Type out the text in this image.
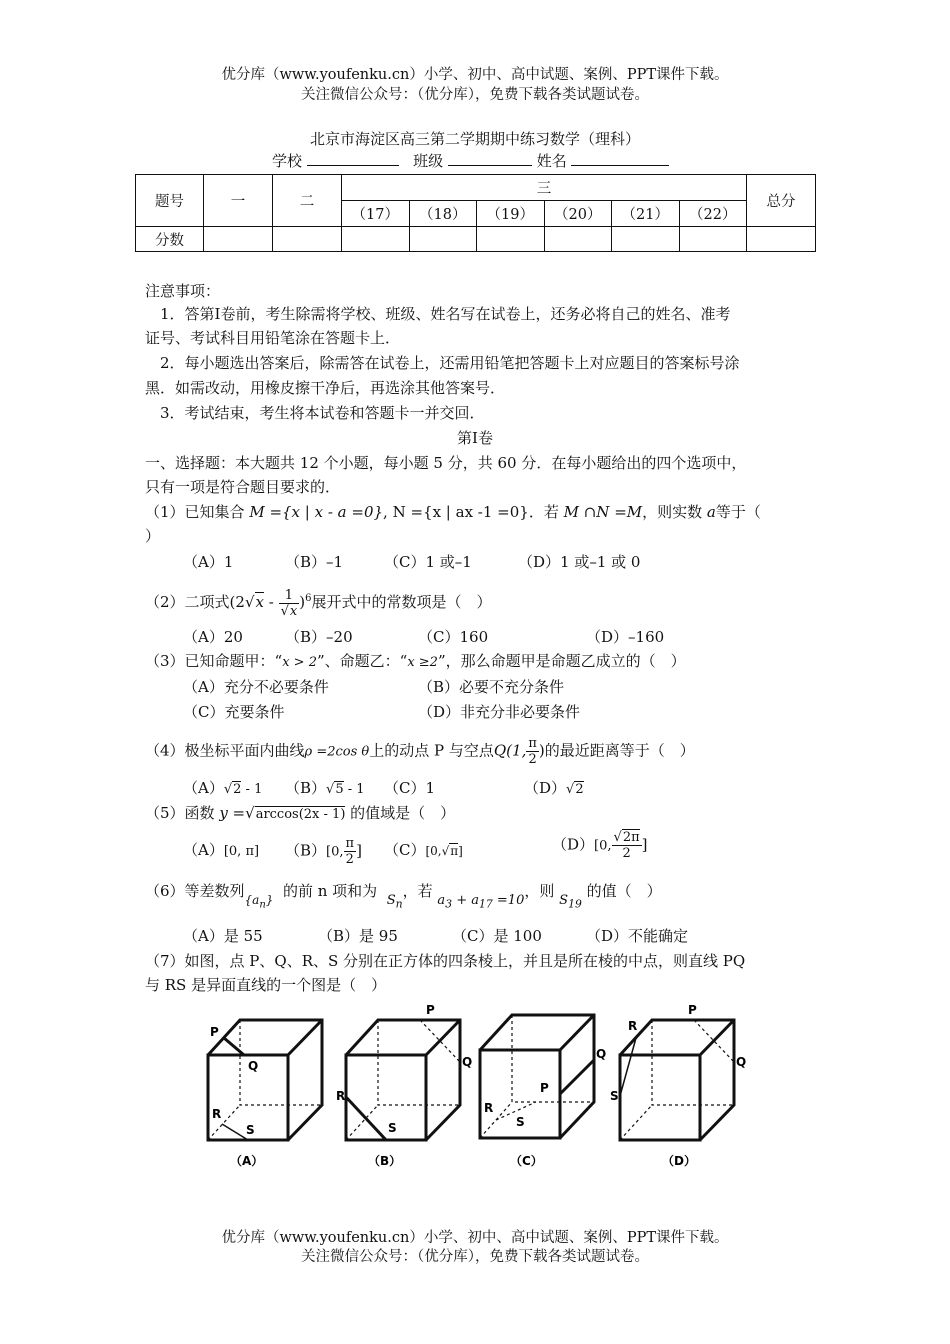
优分库（www.youfenku.cn）小学、初中、高中试题、案例、PPT课件下载。
关注微信公众号：（优分库），免费下载各类试题试卷。
北京市海淀区高三第二学期期中练习数学（理科）
学校	班级	姓名
题号	一	二	三						总分
			（17）	（18）	（19）	（20）	（21）	（22）	
分数									
注意事项：
1．答第Ⅰ卷前，考生除需将学校、班级、姓名写在试卷上，还务必将自己的姓名、准考
证号、考试科目用铅笔涂在答题卡上．
2．每小题选出答案后，除需答在试卷上，还需用铅笔把答题卡上对应题目的答案标号涂
黑．如需改动，用橡皮擦干净后，再选涂其他答案号．
3．考试结束，考生将本试卷和答题卡一并交回．
第Ⅰ卷
一、选择题：本大题共 12 个小题，每小题 5 分，共 60 分．在每小题给出的四个选项中，
只有一项是符合题目要求的．
（1）已知集合 M ={x | x - a =0}, N ={x | ax -1 =0}．若 M ∩N =M，则实数 a等于（
）
（A）1	（B）–1	（C）1 或–1	（D）1 或–1 或 0
（2）二项式$(2√x - \frac{1}{√x} )^6$展开式中的常数项是（　）
（A）20	（B）–20	（C）160	（D）–160
（3）已知命题甲：“x > 2”、命题乙：“x ≥2”，那么命题甲是命题乙成立的（　）
（A）充分不必要条件	（B）必要不充分条件
（C）充要条件	（D）非充分非必要条件
（4）极坐标平面内曲线ρ =2cos θ上的动点 P 与空点Q(1, $\frac{\pi}{2}$ )的最近距离等于（　）
（A）√2 - 1 （B）√5 - 1 （C）1	（D）√2
（5）函数 y =√arccos(2x - 1) 的值域是（　）
（A）[0, π] （B）[0, $\frac{\pi}{2}$ ] （C）[0,√π]	（D）[0, $\frac{√2\pi}{2}$ ]
（6）等差数列$_{\{a_n\}}$ 的前 n 项和为  $S_n$，若 $a_3 + a_{17} =10$，则 $S_{19}$ 的值（　）
（A）是 55	（B）是 95	（C）是 100	（D）不能确定
（7）如图，点 P、Q、R、S 分别在正方体的四条棱上，并且是所在棱的中点，则直线 PQ
与 RS 是异面直线的一个图是（　）
P
Q
R
S
（A）
P
Q
R
S
（B）
Q
P
R
S
（C）
P
Q
R
S
（D）
优分库（www.youfenku.cn）小学、初中、高中试题、案例、PPT课件下载。
关注微信公众号：（优分库），免费下载各类试题试卷。
